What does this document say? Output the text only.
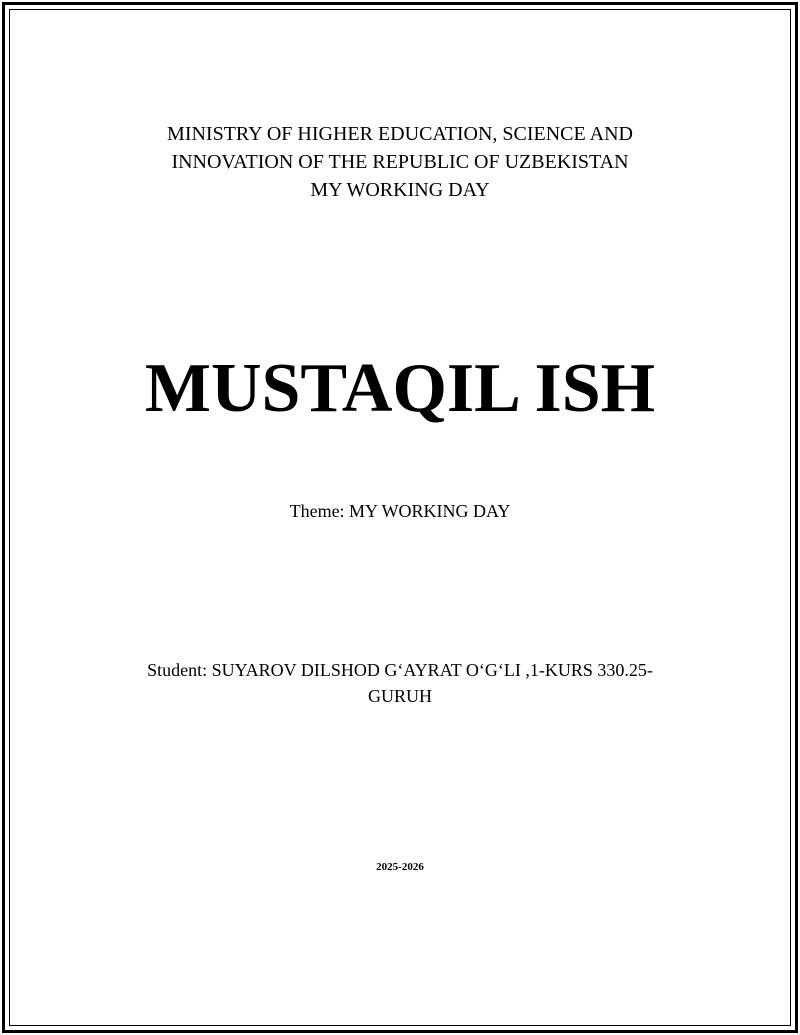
MINISTRY OF HIGHER EDUCATION, SCIENCE AND
INNOVATION OF THE REPUBLIC OF UZBEKISTAN
MY WORKING DAY
MUSTAQIL ISH
Theme: MY WORKING DAY
Student: SUYAROV DILSHOD G‘AYRAT O‘G‘LI ,1-KURS 330.25-
GURUH
2025-2026
